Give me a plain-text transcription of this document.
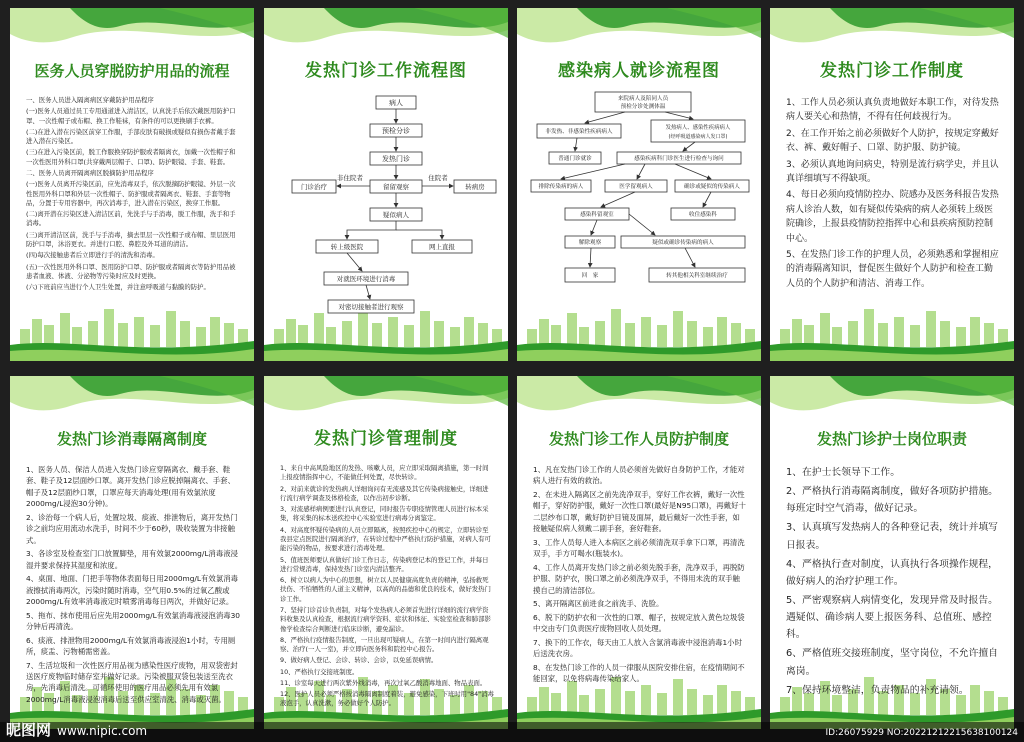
医务人员穿脱防护用品的流程

一、医务人员进入隔离病区穿戴防护用品程序

(一)医务人员通过员工专用通道进入清洁区，认真洗手后依次戴医用防护口罩、一次性帽子或布帽、换工作鞋袜，有条件的可以更换刷手衣裤。

(二)在进入潜在污染区前穿工作服，手部皮肤有破损或疑似有损伤者戴手套进入潜在污染区。

(三)在进入污染区前，脱工作服换穿防护服或者隔离衣，加戴一次性帽子和一次性医用外科口罩(共穿戴两层帽子、口罩)、防护眼镜、手套、鞋套。

二、医务人员离开隔离病区脱摘防护用品程序

(一)医务人员离开污染区前，应先消毒双手，依次脱摘防护眼镜、外层一次性医用外科口罩和外层一次性帽子、防护服或者隔离衣、鞋套、手套等物品，分置于专用容器中，再次消毒手，进入潜在污染区，换穿工作服。

(二)离开潜在污染区进入清洁区前，先洗手与手消毒，脱工作服，洗手和手消毒。

(三)离开清洁区前，洗手与手消毒，摘去里层一次性帽子或布帽、里层医用防护口罩，沐浴更衣。并进行口腔、鼻腔及外耳道的清洁。

(四)每次接触患者后立即进行手的清洗和消毒。

(五)一次性医用外科口罩、医用防护口罩、防护服或者隔离衣等防护用品被患者血液、体液、分泌物等污染时应及时更换。

(六)下班前应当进行个人卫生处置，并注意呼吸道与黏膜的防护。

发热门诊工作流程图
病人
预检分诊
发热门诊
门诊治疗
非住院者
留留观察
住院者
转病房
疑似病人
转上级医院	网上直报
对就医环境进行消毒
对密切接触者进行观察
感染病人就诊流程图
来院病人及陪同人员
预检分诊处测体温
非发热、非感染性疾病病人
发热病人、感染性疾病病人
(经呼吸道感染病人发口罩)
普通门诊就诊	感染疾病科门诊医生进行检查与询问
排除传染病的病人	医学留观病人	确诊或疑似的传染病人
感染科留观室	收住感染科
解除观察	疑似或确诊传染病的病人
回　家	转其他相关科室继续治疗
发热门诊工作制度

1、工作人员必须认真负责地做好本职工作，对待发热病人要关心和热情，不得有任何歧视行为。

2、在工作开始之前必须做好个人防护，按规定穿戴好衣、裤、戴好帽子、口罩、防护服、防护镜。

3、必须认真地询问病史，特别是流行病学史，并且认真详细填写不得缺项。

4、每日必须向疫情防控办、院感办及医务科报告发热病人诊治人数，如有疑似传染病的病人必须转上级医院确诊，上报县疫情防控指挥中心和县疾病预防控制中心。

5、在发热门诊工作的护理人员，必须熟悉和掌握相应的消毒隔离知识，督促医生做好个人防护和检查工勤人员的个人防护和清洁、消毒工作。

发热门诊消毒隔离制度

1、医务人员、保洁人员进入发热门诊应穿隔离衣、戴手套、鞋套、鞋子及12层面纱口罩。离开发热门诊应脱掉隔离衣、手套、帽子及12层面纱口罩，口罩应每天消毒处理(用有效氯浓度2000mg/L浸泡30分钟)。

2、诊治每一个病人后，处置垃圾、痰液、排泄物后，离开发热门诊之前均应用流动水洗手，时间不少于60秒，吸收装置为非接触式。

3、各诊室及检查室门口放置脚垫，用有效氯2000mg/L消毒液浸湿并要求保持其湿度和浓度。

4、桌面、地面、门把手等物体表面每日用2000mg/L有效氯消毒液擦拭消毒两次，污染时随时消毒，空气用0.5%的过氧乙酸或2000mg/L有效率消毒液定时喷雾消毒每日两次，并做好记录。

5、拖布、抹布使用后应先用2000mg/L有效氯消毒液浸泡消毒30分钟后再清洗。

6、痰液、排泄物用2000mg/L有效氯消毒液浸泡1小时，专用厕所，痰盂、污物桶需密盖。

7、生活垃圾和一次性医疗用品视为感染性医疗废物，用双袋密封送医疗废物临时储存室并做好记录。污染被服双袋包装送至洗衣房，先消毒后清洗。可循环使用的医疗用品必须先用有效氯2000mg/L消毒液浸泡消毒后送至供应室清洗、消毒或灭菌。

发热门诊管理制度

1、来自中高风险地区的发热、咳嗽人员，应立即采取隔离措施，第一时间上报疫情指挥中心，不能做任何处置，尽快转诊。

2、对前来就诊的发热病人详细询问有无流感及其它传染病接触史，详细进行流行病学调查及体格检查，以作出初步诊断。

3、对流感样病例要进行认真登记，同时报告专职疫情管理人员进行标本采集，将采集的标本送疾控中心实验室进行病毒分离鉴定。

4、对高度怀疑传染病的人员立即隔离，按照疾控中心的规定，立即转诊至我县定点医院进行隔离治疗，在转诊过程中严格执行防护措施，对病人有可能污染的物品，按要求进行消毒处理。

5、值班医师要认真做好门诊工作日志，传染病登记本的登记工作，并每日进行常规消毒，保持发热门诊室内清洁整齐。

6、树立以病人为中心的思想，树立以人民健康高度负责的精神，弘扬救死扶伤、不怕牺牲的人道主义精神，以高尚的品德和优良的技术，做好发热门诊工作。

7、坚持门诊首诊负责制，对每个发热病人必须首先进行详细的流行病学资料收集及认真检查，根据流行病学资料、症状和体征、实验室检查和肺部影像学检查综合判断进行临床诊断，避免漏诊。

8、严格执行疫情报告制度，一旦出现可疑病人，在第一时间内进行隔离观察、治疗(一人一室)，并立即向医务科和院控中心报告。

9、做好病人登记、会诊、转诊、会诊，以免延误病情。

10、严格执行交接班制度。

11、诊室每天进行两次紫外线消毒，再次过氧乙酸消毒地面、物品表面。

12、医护人员必须严格按消毒隔离制度着装，避免感染，下班时用"84"消毒液泡手，认真洗漱，务必做好个人防护。

发热门诊工作人员防护制度

1、凡在发热门诊工作的人员必须首先做好自身防护工作，才能对病人进行有效的救治。

2、在未进入隔离区之前先洗净双手，穿好工作衣裤，戴好一次性帽子，穿好防护服，戴好一次性口罩(最好是N95口罩)，再戴好十二层纱布口罩，戴好防护目镜及面屏，最后戴好一次性手套，如接触疑似病人须戴二副手套，套好鞋套。

3、工作人员每人进入本病区之前必须清洗双手拿下口罩，再清洗双手，手方可喝水(瓶装水)。

4、工作人员离开发热门诊之前必须先脱手套，洗净双手，再脱防护服、防护衣，脱口罩之前必须洗净双手，不得用未洗的双手触摸自己的清洁部位。

5、离开隔离区前进食之前洗手、洗脸。

6、脱下的防护衣和一次性的口罩、帽子，按规定放入黄色垃圾袋中交由专门负责医疗废物回收人员处理。

7、换下的工作衣，每天由工人放入含氯消毒液中浸泡消毒1小时后送洗衣房。

8、在发热门诊工作的人员一律服从医院安排住宿，在疫情期间不能回家，以免将病毒传染给家人。

发热门诊护士岗位职责

1、在护士长领导下工作。

2、严格执行消毒隔离制度，做好各项防护措施。每班定时空气消毒，做好记录。

3、认真填写发热病人的各种登记表，统计并填写日报表。

4、严格执行查对制度，认真执行各项操作规程，做好病人的治疗护理工作。

5、严密观察病人病情变化，发现异常及时报告。遇疑似、确诊病人要上报医务科、总值班、感控科。

6、严格值班交接班制度，坚守岗位，不允许擅自离岗。

7、保持环境整洁，负责物品的补充请领。

昵图网 www.nipic.com	ID:26075929 NO:20221212215638100124
